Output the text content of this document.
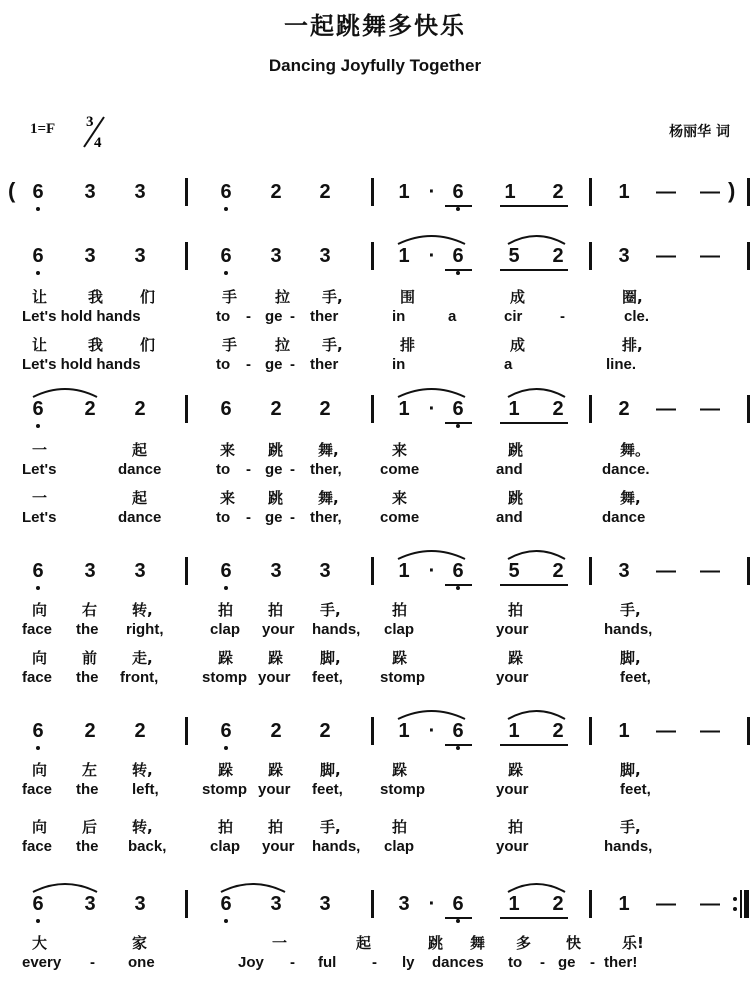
一起跳舞多快乐
Dancing Joyfully Together
1=F 3
4
杨丽华 词
(	)
6	3	3	6	2	2	1 · 6	1	2	1	— —
6	3	3	6	3	3	1 · 6	5	2	3	— —
让	我 们	手	拉 手,	围	成	圈,
Let's hold hands	to - ge - ther	in	a	cir	-	cle.
让	我 们	手	拉 手,	排	成	排,
Let's hold hands	to - ge - ther	in	a	line.
6	2	2	6	2	2	1 · 6	1	2	2	— —
一	起	来 跳 舞,	来	跳	舞。
Let's	dance	to - ge - ther,	come	and	dance.
一	起	来 跳 舞,	来	跳	舞,
Let's	dance	to - ge - ther,	come	and	dance
6	3	3	6	3	3	1 · 6	5	2	3	— —
向 右 转,	拍 拍 手,	拍	拍	手,
face the right,	clap your hands, clap	your	hands,
向 前 走,	跺 跺 脚,	跺	跺	脚,
face the front,	stomp your feet, stomp	your	feet,
6	2	2	6	2	2	1 · 6	1	2	1	— —
向 左 转,	跺 跺 脚,	跺	跺	脚,
face the left,	stomp your feet, stomp	your	feet,
向 后 转,	拍 拍 手,	拍	拍	手,
face the back,	clap your hands, clap	your	hands,
6	3	3	6	3	3	3 · 6	1	2	1	— —
大	家	一	起	跳 舞 多 快	乐!
every - one	Joy - ful - ly dances to - ge - ther!
